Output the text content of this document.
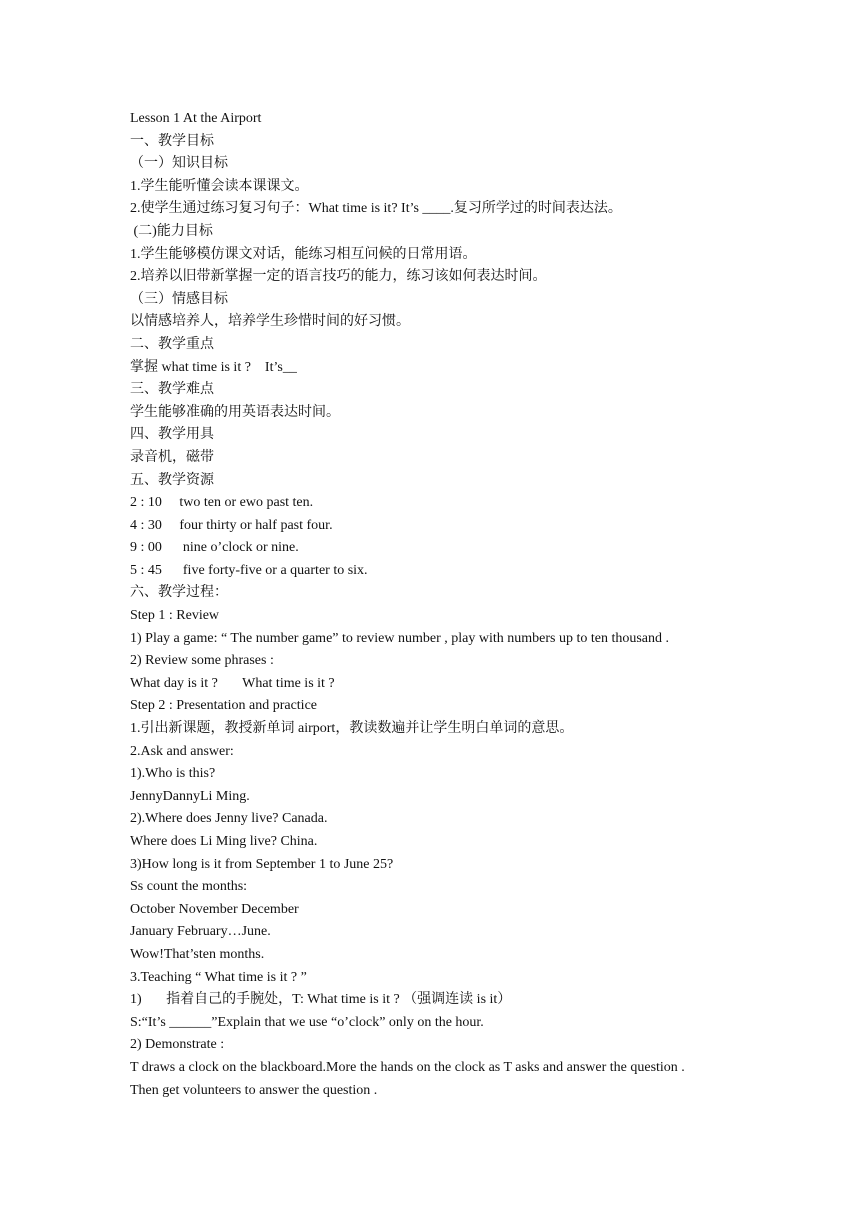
Lesson 1 At the Airport
一、教学目标
（一）知识目标
1.学生能听懂会读本课课文。
2.使学生通过练习复习句子：What time is it? It’s ____.复习所学过的时间表达法。
(二)能力目标
1.学生能够模仿课文对话，能练习相互问候的日常用语。
2.培养以旧带新掌握一定的语言技巧的能力，练习该如何表达时间。
（三）情感目标
以情感培养人，培养学生珍惜时间的好习惯。
二、教学重点
掌握 what time is it ?    It’s__
三、教学难点
学生能够准确的用英语表达时间。
四、教学用具
录音机，磁带
五、教学资源
2 : 10     two ten or ewo past ten.
4 : 30     four thirty or half past four.
9 : 00      nine o’clock or nine.
5 : 45      five forty-five or a quarter to six.
六、教学过程：
Step 1 : Review
1) Play a game: “ The number game” to review number , play with numbers up to ten thousand .
2) Review some phrases :
What day is it ?       What time is it ?
Step 2 : Presentation and practice
1.引出新课题，教授新单词 airport，教读数遍并让学生明白单词的意思。
2.Ask and answer:
1).Who is this?
JennyDannyLi Ming.
2).Where does Jenny live? Canada.
Where does Li Ming live? China.
3)How long is it from September 1 to June 25?
Ss count the months:
October November December
January February…June.
Wow!That’sten months.
3.Teaching “ What time is it ? ”
1)       指着自己的手腕处，T: What time is it ? （强调连读 is it）
S:“It’s ______”Explain that we use “o’clock” only on the hour.
2) Demonstrate :
T draws a clock on the blackboard.More the hands on the clock as T asks and answer the question .
Then get volunteers to answer the question .
